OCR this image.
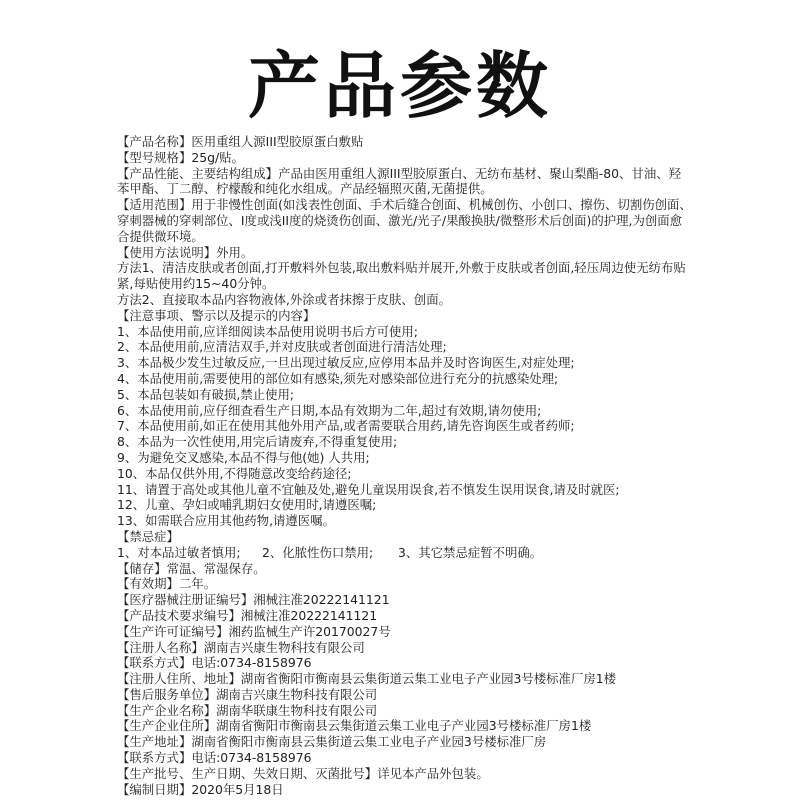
产品参数

【产品名称】医用重组人源III型胶原蛋白敷贴

【型号规格】25g/贴。

【产品性能、主要结构组成】产品由医用重组人源III型胶原蛋白、无纺布基材、聚山梨酯-80、甘油、羟苯甲酯、丁二醇、柠檬酸和纯化水组成。产品经辐照灭菌,无菌提供。

【适用范围】用于非慢性创面(如浅表性创面、手术后缝合创面、机械创伤、小创口、擦伤、切割伤创面、穿刺器械的穿刺部位、I度或浅II度的烧烫伤创面、激光/光子/果酸换肤/微整形术后创面)的护理,为创面愈合提供微环境。

【使用方法说明】外用。

方法1、清洁皮肤或者创面,打开敷料外包装,取出敷料贴并展开,外敷于皮肤或者创面,轻压周边使无纺布贴紧,每贴使用约15~40分钟。

方法2、直接取本品内容物液体,外涂或者抹擦于皮肤、创面。

【注意事项、警示以及提示的内容】

1、本品使用前,应详细阅读本品使用说明书后方可使用;

2、本品使用前,应清洁双手,并对皮肤或者创面进行清洁处理;

3、本品极少发生过敏反应,一旦出现过敏反应,应停用本品并及时咨询医生,对症处理;

4、本品使用前,需要使用的部位如有感染,须先对感染部位进行充分的抗感染处理;

5、本品包装如有破损,禁止使用;

6、本品使用前,应仔细查看生产日期,本品有效期为二年,超过有效期,请勿使用;

7、本品使用前,如正在使用其他外用产品,或者需要联合用药,请先咨询医生或者药师;

8、本品为一次性使用,用完后请废弃,不得重复使用;

9、为避免交叉感染,本品不得与他(她) 人共用;

10、本品仅供外用,不得随意改变给药途径;

11、请置于高处或其他儿童不宜触及处,避免儿童误用误食,若不慎发生误用误食,请及时就医;

12、儿童、孕妇或哺乳期妇女使用时,请遵医嘱;

13、如需联合应用其他药物,请遵医嘱。

【禁忌症】

1、对本品过敏者慎用; 2、化脓性伤口禁用; 3、其它禁忌症暂不明确。

【储存】常温、常湿保存。

【有效期】二年。

【医疗器械注册证编号】湘械注准20222141121

【产品技术要求编号】湘械注准20222141121

【生产许可证编号】湘药监械生产许20170027号

【注册人名称】湖南吉兴康生物科技有限公司

【联系方式】电话:0734-8158976

【注册人住所、地址】湖南省衡阳市衡南县云集街道云集工业电子产业园3号楼标准厂房1楼

【售后服务单位】湖南吉兴康生物科技有限公司

【生产企业名称】湖南华联康生物科技有限公司

【生产企业住所】湖南省衡阳市衡南县云集街道云集工业电子产业园3号楼标准厂房1楼

【生产地址】湖南省衡阳市衡南县云集街道云集工业电子产业园3号楼标准厂房

【联系方式】电话:0734-8158976

【生产批号、生产日期、失效日期、灭菌批号】详见本产品外包装。

【编制日期】2020年5月18日
